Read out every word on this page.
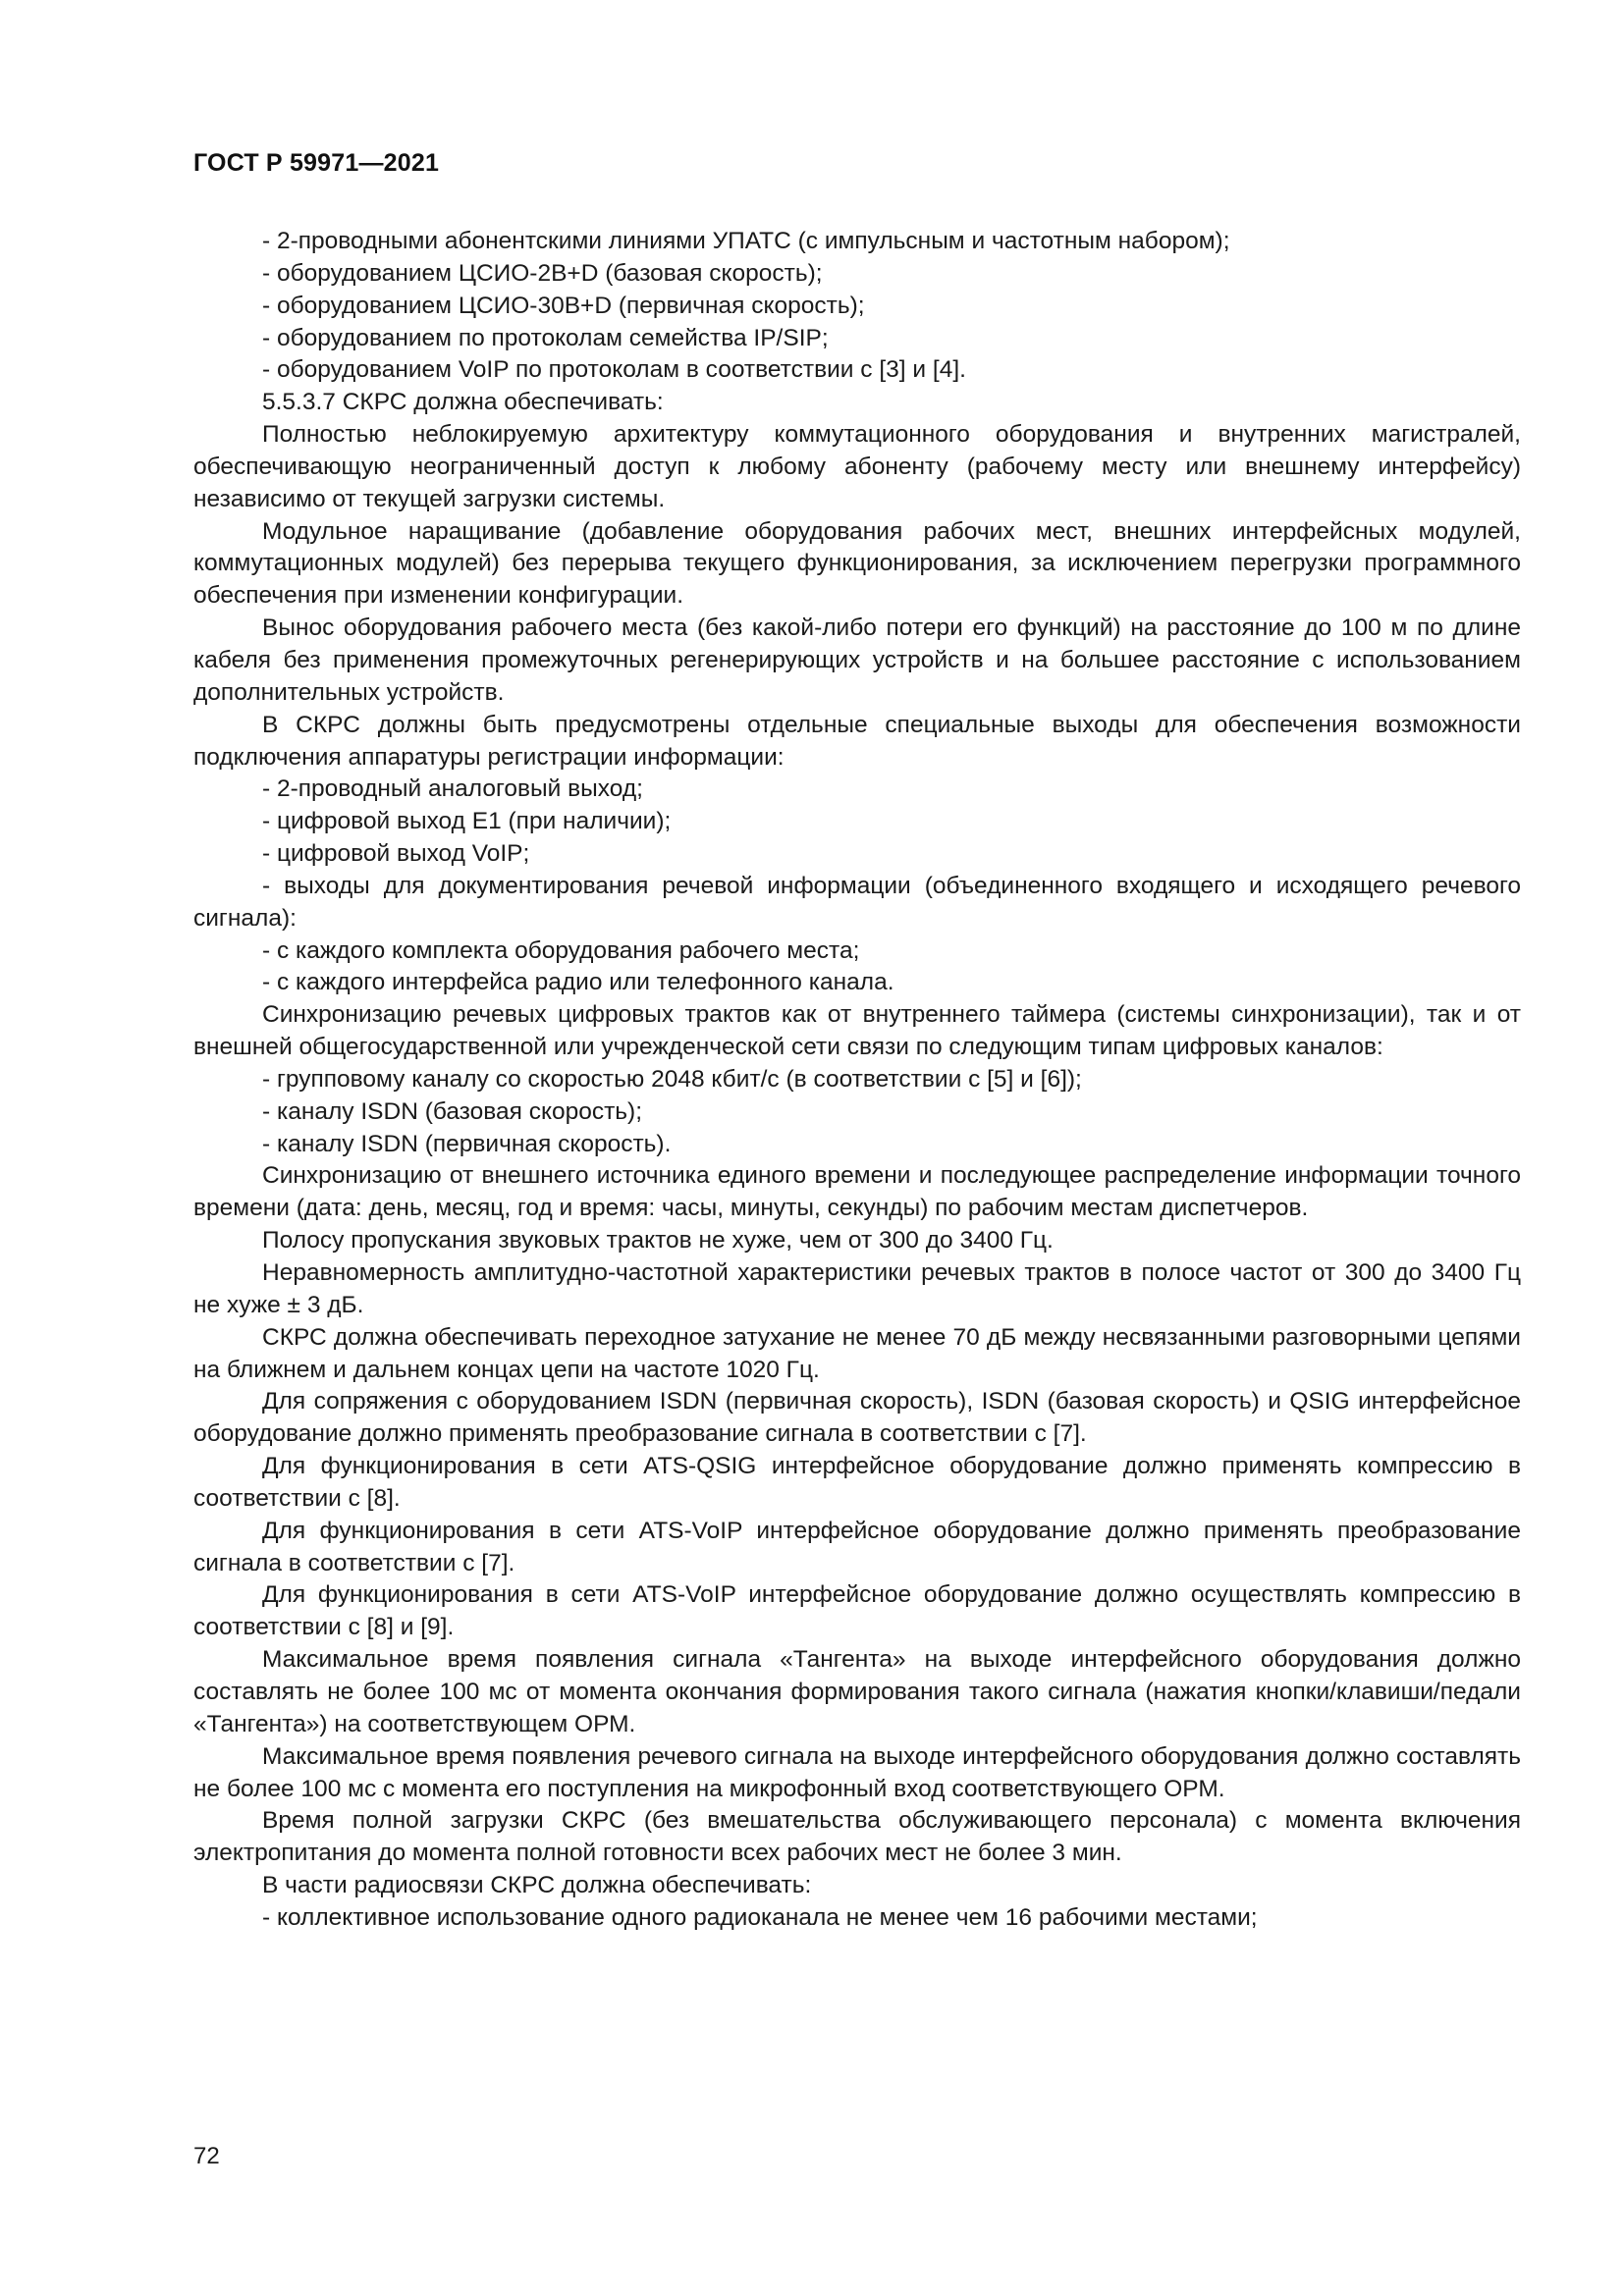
ГОСТ Р 59971—2021

- 2-проводными абонентскими линиями УПАТС (с импульсным и частотным набором);

- оборудованием ЦСИО-2В+D (базовая скорость);

- оборудованием ЦСИО-30В+D (первичная скорость);

- оборудованием по протоколам семейства IP/SIP;

- оборудованием VoIP по протоколам в соответствии с [3] и [4].

5.5.3.7 СКРС должна обеспечивать:

Полностью неблокируемую архитектуру коммутационного оборудования и внутренних магистралей, обеспечивающую неограниченный доступ к любому абоненту (рабочему месту или внешнему интерфейсу) независимо от текущей загрузки системы.

Модульное наращивание (добавление оборудования рабочих мест, внешних интерфейсных модулей, коммутационных модулей) без перерыва текущего функционирования, за исключением перегрузки программного обеспечения при изменении конфигурации.

Вынос оборудования рабочего места (без какой-либо потери его функций) на расстояние до 100 м по длине кабеля без применения промежуточных регенерирующих устройств и на большее расстояние с использованием дополнительных устройств.

В СКРС должны быть предусмотрены отдельные специальные выходы для обеспечения возможности подключения аппаратуры регистрации информации:

- 2-проводный аналоговый выход;

- цифровой выход Е1 (при наличии);

- цифровой выход VoIP;

- выходы для документирования речевой информации (объединенного входящего и исходящего речевого сигнала):

- с каждого комплекта оборудования рабочего места;

- с каждого интерфейса радио или телефонного канала.

Синхронизацию речевых цифровых трактов как от внутреннего таймера (системы синхронизации), так и от внешней общегосударственной или учрежденческой сети связи по следующим типам цифровых каналов:

- групповому каналу со скоростью 2048 кбит/с (в соответствии с [5] и [6]);

- каналу ISDN (базовая скорость);

- каналу ISDN (первичная скорость).

Синхронизацию от внешнего источника единого времени и последующее распределение информации точного времени (дата: день, месяц, год и время: часы, минуты, секунды) по рабочим местам диспетчеров.

Полосу пропускания звуковых трактов не хуже, чем от 300 до 3400 Гц.

Неравномерность амплитудно-частотной характеристики речевых трактов в полосе частот от 300 до 3400 Гц не хуже ± 3 дБ.

СКРС должна обеспечивать переходное затухание не менее 70 дБ между несвязанными разговорными цепями на ближнем и дальнем концах цепи на частоте 1020 Гц.

Для сопряжения с оборудованием ISDN (первичная скорость), ISDN (базовая скорость) и QSIG интерфейсное оборудование должно применять преобразование сигнала в соответствии с [7].

Для функционирования в сети ATS-QSIG интерфейсное оборудование должно применять компрессию в соответствии с [8].

Для функционирования в сети ATS-VoIP интерфейсное оборудование должно применять преобразование сигнала в соответствии с [7].

Для функционирования в сети ATS-VoIP интерфейсное оборудование должно осуществлять компрессию в соответствии с [8] и [9].

Максимальное время появления сигнала «Тангента» на выходе интерфейсного оборудования должно составлять не более 100 мс от момента окончания формирования такого сигнала (нажатия кнопки/клавиши/педали «Тангента») на соответствующем ОРМ.

Максимальное время появления речевого сигнала на выходе интерфейсного оборудования должно составлять не более 100 мс с момента его поступления на микрофонный вход соответствующего ОРМ.

Время полной загрузки СКРС (без вмешательства обслуживающего персонала) с момента включения электропитания до момента полной готовности всех рабочих мест не более 3 мин.

В части радиосвязи СКРС должна обеспечивать:

- коллективное использование одного радиоканала не менее чем 16 рабочими местами;

72
